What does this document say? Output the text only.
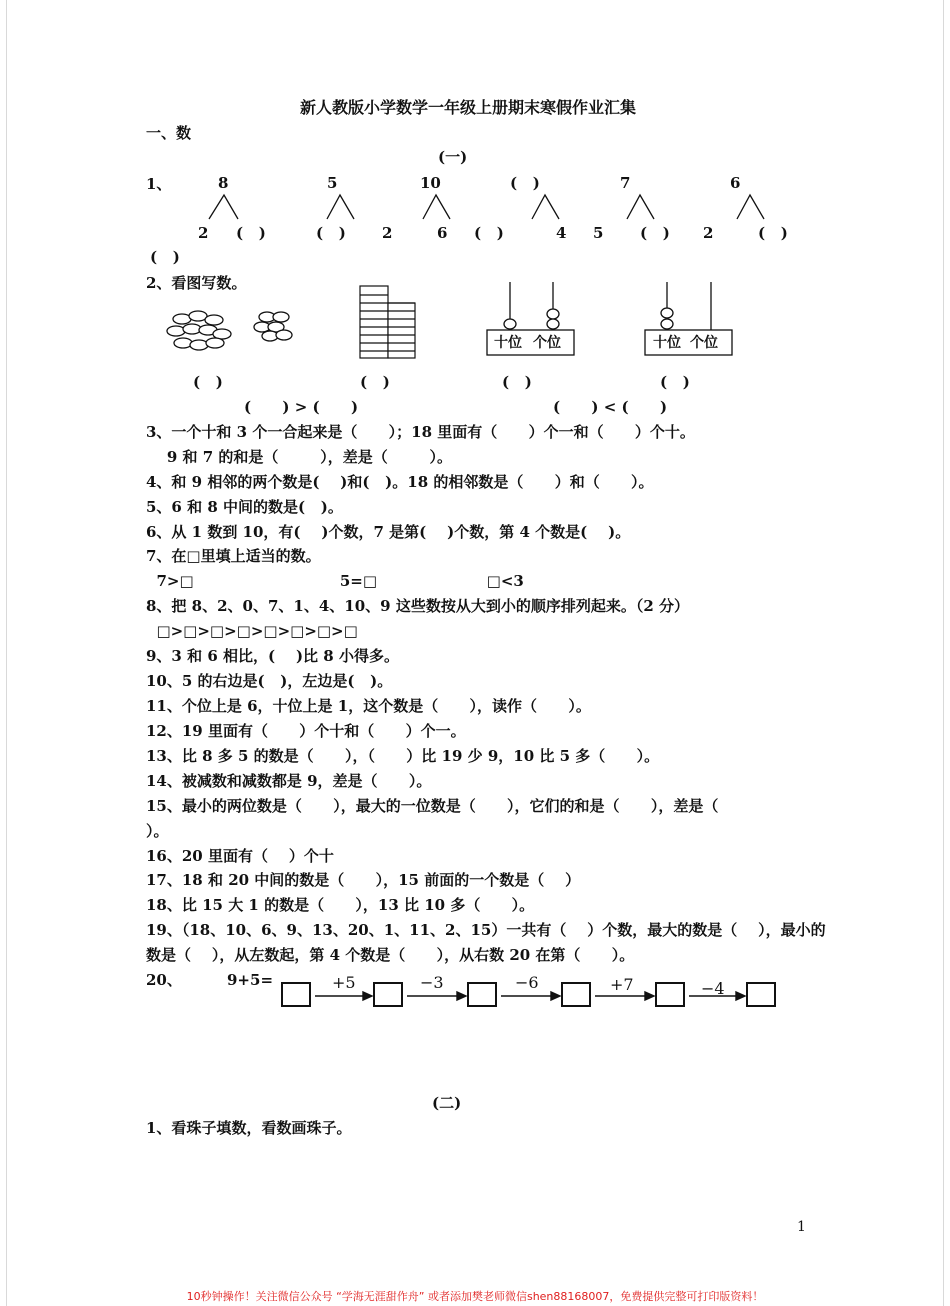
新人教版小学数学一年级上册期末寒假作业汇集
一、数
(一)
1、	8	5	10	(   )	7	6
2 (   )	(   ) 2	6 (   )	4 5 (   ) 2	(   )
(   )
2、看图写数。
十位 个位	十位 个位
(   )	(   )	(   )	(   )
(      ) > (      )	(      ) < (      )
3、一个十和 3 个一合起来是（      ）；18 里面有（      ）个一和（      ）个十。
9 和 7 的和是（        ），差是（        ）。
4、和 9 相邻的两个数是(    )和(   )。18 的相邻数是（      ）和（      ）。
5、6 和 8 中间的数是(   )。
6、从 1 数到 10，有(    )个数，7 是第(    )个数，第 4 个数是(    )。
7、在□里填上适当的数。
7>□                            5=□                     □<3
8、把 8、2、0、7、1、4、10、9 这些数按从大到小的顺序排列起来。（2 分）
□>□>□>□>□>□>□>□
9、3 和 6 相比，(    )比 8 小得多。
10、5 的右边是(   )，左边是(   )。
11、个位上是 6，十位上是 1，这个数是（      ），读作（      ）。
12、19 里面有（      ）个十和（      ）个一。
13、比 8 多 5 的数是（      ），（      ）比 19 少 9，10 比 5 多（      ）。
14、被减数和减数都是 9，差是（      ）。
15、最小的两位数是（      ），最大的一位数是（      ），它们的和是（      ），差是（
）。
16、20 里面有（    ）个十
17、18 和 20 中间的数是（      ），15 前面的一个数是（    ）
18、比 15 大 1 的数是（      ），13 比 10 多（      ）。
19、（18、10、6、9、13、20、1、11、2、15）一共有（    ）个数，最大的数是（    ），最小的
数是（    ），从左数起，第 4 个数是（      ），从右数 20 在第（      ）。
20、	9+5=	+5	−3	−6	+7	−4
(二)
1、看珠子填数，看数画珠子。
1
10秒钟操作！关注微信公众号 “学海无涯甜作舟” 或者添加樊老师微信shen88168007，免费提供完整可打印版资料！
